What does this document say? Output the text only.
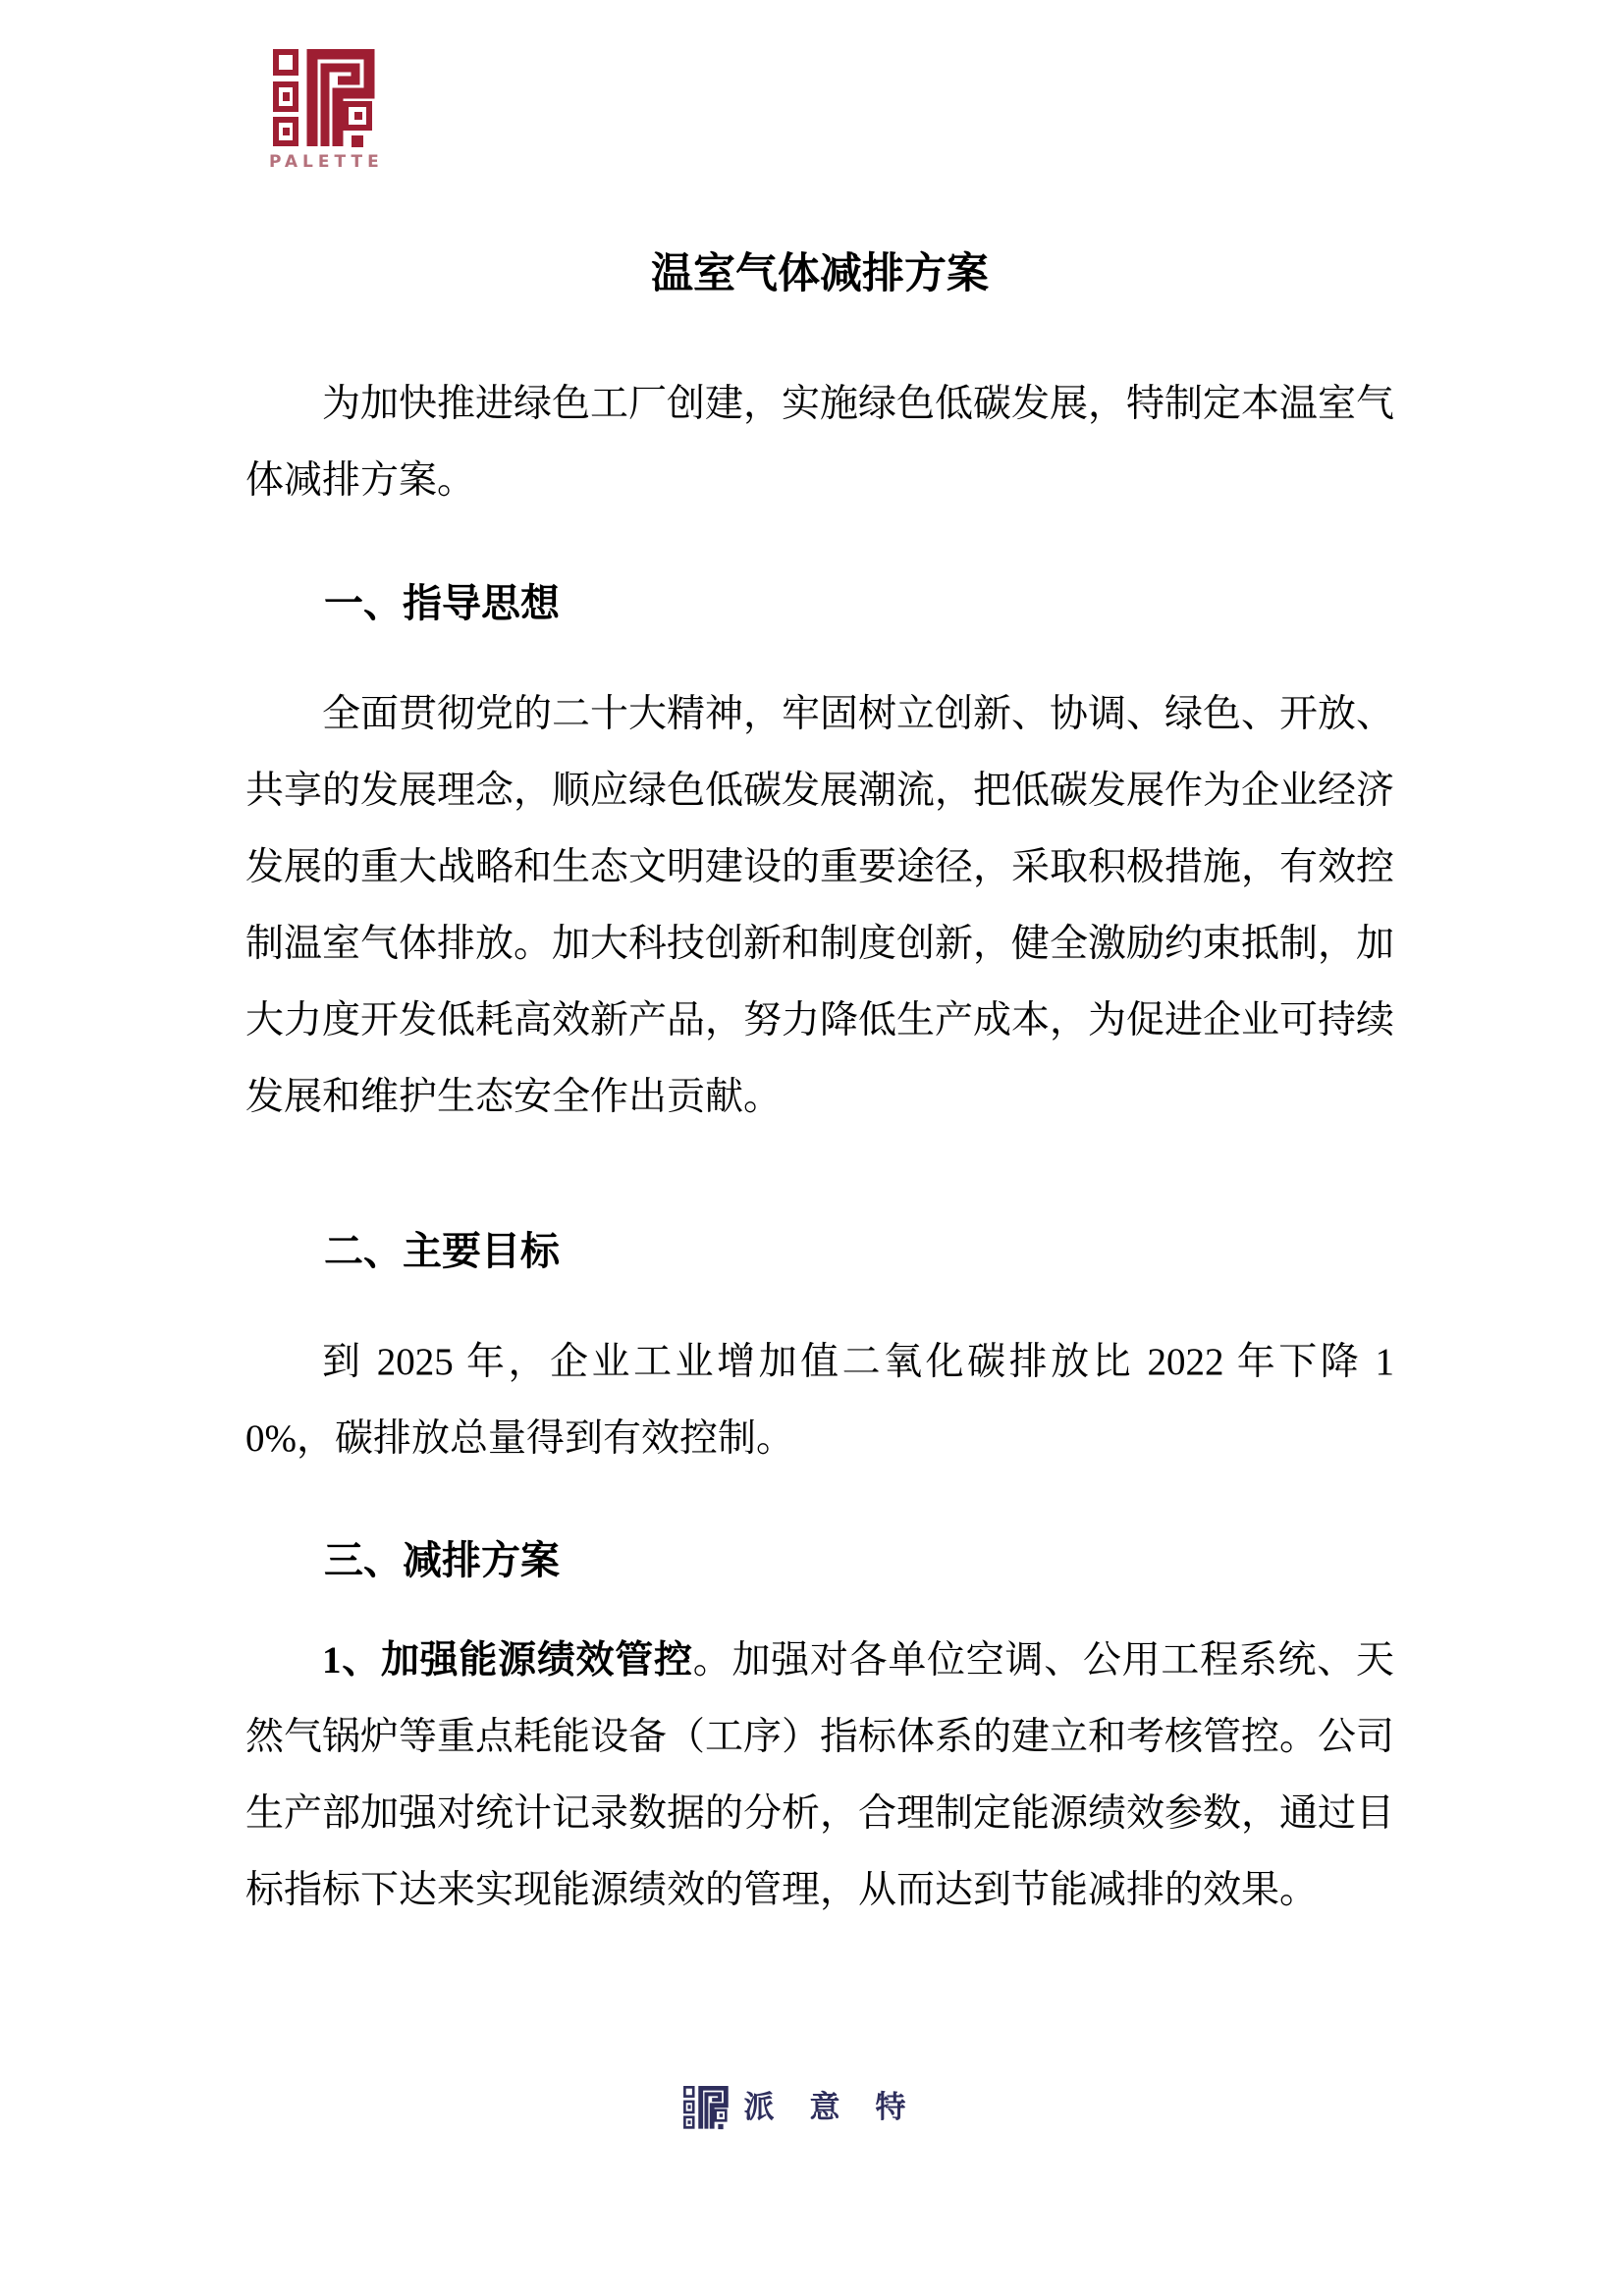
PALETTE
温室气体减排方案

为加快推进绿色工厂创建，实施绿色低碳发展，特制定本温室气体减排方案。

一、指导思想

全面贯彻党的二十大精神，牢固树立创新、协调、绿色、开放、共享的发展理念，顺应绿色低碳发展潮流，把低碳发展作为企业经济发展的重大战略和生态文明建设的重要途径，采取积极措施，有效控制温室气体排放。加大科技创新和制度创新，健全激励约束抵制，加大力度开发低耗高效新产品，努力降低生产成本，为促进企业可持续发展和维护生态安全作出贡献。

二、主要目标

到 2025 年，企业工业增加值二氧化碳排放比 2022 年下降 10%，碳排放总量得到有效控制。

三、减排方案

1、加强能源绩效管控。加强对各单位空调、公用工程系统、天然气锅炉等重点耗能设备（工序）指标体系的建立和考核管控。公司生产部加强对统计记录数据的分析，合理制定能源绩效参数，通过目标指标下达来实现能源绩效的管理，从而达到节能减排的效果。

派意特
